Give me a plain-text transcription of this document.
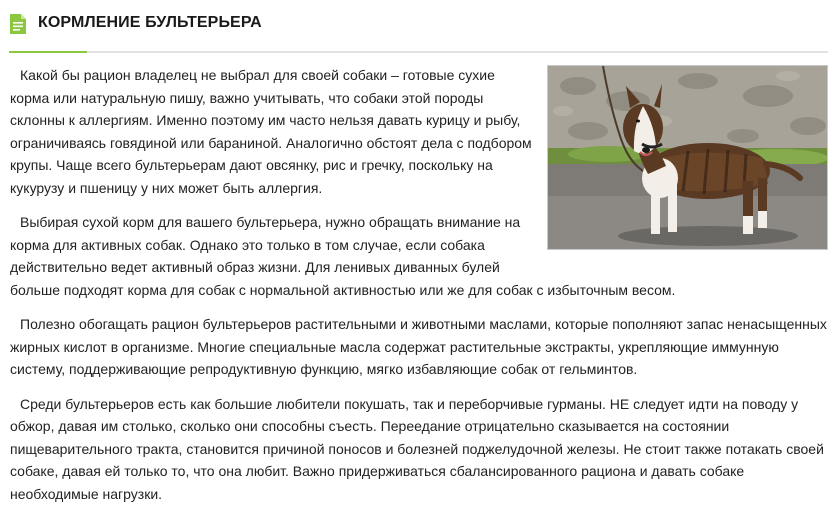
КОРМЛЕНИЕ БУЛЬТЕРЬЕРА

Какой бы рацион владелец не выбрал для своей собаки – готовые сухие корма или натуральную пишу, важно учитывать, что собаки этой породы склонны к аллергиям. Именно поэтому им часто нельзя давать курицу и рыбу, ограничиваясь говядиной или бараниной. Аналогично обстоят дела с подбором крупы. Чаще всего бультерьерам дают овсянку, рис и гречку, поскольку на кукурузу и пшеницу у них может быть аллергия.

Выбирая сухой корм для вашего бультерьера, нужно обращать внимание на корма для активных собак. Однако это только в том случае, если собака действительно ведет активный образ жизни. Для ленивых диванных булей больше подходят корма для собак с нормальной активностью или же для собак с избыточным весом.

Полезно обогащать рацион бультерьеров растительными и животными маслами, которые пополняют запас ненасыщенных жирных кислот в организме. Многие специальные масла содержат растительные экстракты, укрепляющие иммунную систему, поддерживающие репродуктивную функцию, мягко избавляющие собак от гельминтов.

Среди бультерьеров есть как большие любители покушать, так и переборчивые гурманы. НЕ следует идти на поводу у обжор, давая им столько, сколько они способны съесть. Переедание отрицательно сказывается на состоянии пищеварительного тракта, становится причиной поносов и болезней поджелудочной железы. Не стоит также потакать своей собаке, давая ей только то, что она любит. Важно придерживаться сбалансированного рациона и давать собаке необходимые нагрузки.
